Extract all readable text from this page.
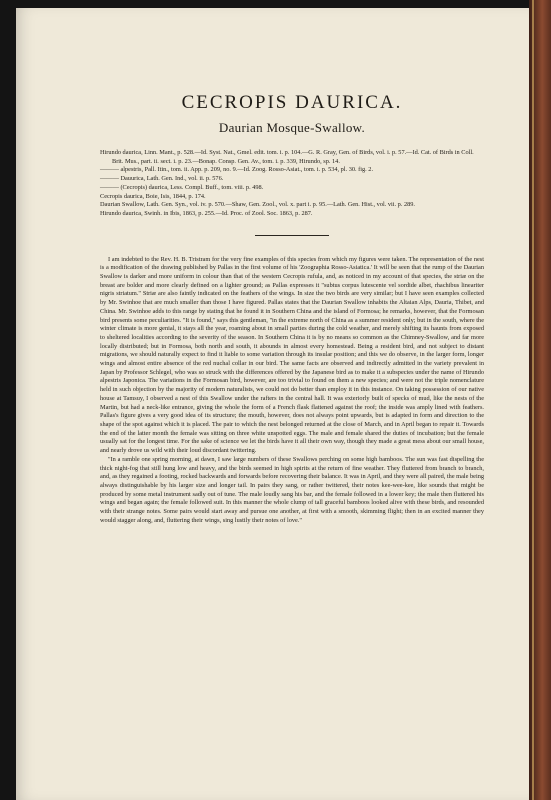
CECROPIS DAURICA.
Daurian Mosque-Swallow.

Hirundo daurica, Linn. Mant., p. 528.—Id. Syst. Nat., Gmel. edit. tom. i. p. 104.—G. R. Gray, Gen. of Birds, vol. i. p. 57.—Id. Cat. of Birds in Coll. Brit. Mus., part. ii. sect. i. p. 23.—Bonap. Consp. Gen. Av., tom. i. p. 339, Hirundo, sp. 14.

——— alpestris, Pall. Itin., tom. ii. App. p. 209, no. 9.—Id. Zoog. Rosso-Asiat., tom. i. p. 534, pl. 30. fig. 2.

——— Dauurica, Lath. Gen. Ind., vol. ii. p. 576.

——— (Cecropis) daurica, Less. Compl. Buff., tom. viii. p. 498.

Cecropis daurica, Boie, Isis, 1844, p. 174.

Daurian Swallow, Lath. Gen. Syn., vol. iv. p. 570.—Shaw, Gen. Zool., vol. x. part i. p. 95.—Lath. Gen. Hist., vol. vii. p. 289.

Hirundo daurica, Swinh. in Ibis, 1863, p. 255.—Id. Proc. of Zool. Soc. 1863, p. 287.

I am indebted to the Rev. H. B. Tristram for the very fine examples of this species from which my figures were taken. The representation of the nest is a modification of the drawing published by Pallas in the first volume of his 'Zoographia Rosso-Asiatica.' It will be seen that the rump of the Daurian Swallow is darker and more uniform in colour than that of the western Cecropis rufula, and, as noticed in my account of that species, the striæ on the breast are bolder and more clearly defined on a lighter ground; as Pallas expresses it "subtus corpus lutescente vel sordide albet, rhachibus lineariter nigris striatum." Striæ are also faintly indicated on the feathers of the wings. In size the two birds are very similar; but I have seen examples collected by Mr. Swinhoe that are much smaller than those I have figured. Pallas states that the Daurian Swallow inhabits the Altaian Alps, Dauria, Thibet, and China. Mr. Swinhoe adds to this range by stating that he found it in Southern China and the island of Formosa; he remarks, however, that the Formosan bird presents some peculiarities. "It is found," says this gentleman, "in the extreme north of China as a summer resident only; but in the south, where the winter climate is more genial, it stays all the year, roaming about in small parties during the cold weather, and merely shifting its haunts from exposed to sheltered localities according to the severity of the season. In Southern China it is by no means so common as the Chimney-Swallow, and far more locally distributed; but in Formosa, both north and south, it abounds in almost every homestead. Being a resident bird, and not subject to distant migrations, we should naturally expect to find it liable to some variation through its insular position; and this we do observe, in the larger form, longer wings and almost entire absence of the red nuchal collar in our bird. The same facts are observed and indirectly admitted in the variety prevalent in Japan by Professor Schlegel, who was so struck with the differences offered by the Japanese bird as to make it a subspecies under the name of Hirundo alpestris Japonica. The variations in the Formosan bird, however, are too trivial to found on them a new species; and were not the triple nomenclature held in such objection by the majority of modern naturalists, we could not do better than employ it in this instance. On taking possession of our native house at Tamsuy, I observed a nest of this Swallow under the rafters in the central hall. It was exteriorly built of specks of mud, like the nests of the Martin, but had a neck-like entrance, giving the whole the form of a French flask flattened against the roof; the inside was amply lined with feathers. Pallas's figure gives a very good idea of its structure; the mouth, however, does not always point upwards, but is adapted in form and direction to the shape of the spot against which it is placed. The pair to which the nest belonged returned at the close of March, and in April began to repair it. Towards the end of the latter month the female was sitting on three white unspotted eggs. The male and female shared the duties of incubation; but the female usually sat for the longest time. For the sake of science we let the birds have it all their own way, though they made a great mess about our small house, and nearly drove us wild with their loud discordant twittering.

"In a ramble one spring morning, at dawn, I saw large numbers of these Swallows perching on some high bamboos. The sun was fast dispelling the thick night-fog that still hung low and heavy, and the birds seemed in high spirits at the return of fine weather. They fluttered from branch to branch, and, as they regained a footing, rocked backwards and forwards before recovering their balance. It was in April, and they were all paired, the male being always distinguishable by his larger size and longer tail. In pairs they sang, or rather twittered, their notes kee-wee-kee, like sounds that might be produced by some metal instrument sadly out of tune. The male loudly sang his bar, and the female followed in a lower key; the male then fluttered his wings and began again; the female followed suit. In this manner the whole clump of tall graceful bamboos looked alive with these birds, and resounded with their strange notes. Some pairs would start away and pursue one another, at first with a smooth, skimming flight; then in an excited manner they would stagger along, and, fluttering their wings, sing lustily their notes of love."
